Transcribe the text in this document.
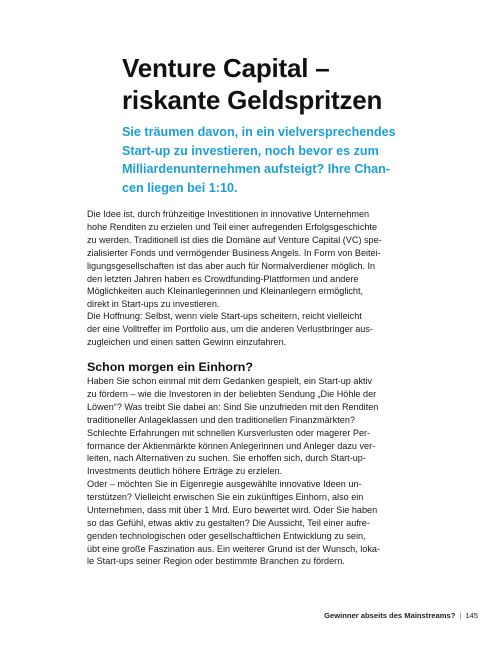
Venture Capital –
riskante Geldspritzen

Sie träumen davon, in ein vielversprechendes
Start-up zu investieren, noch bevor es zum
Milliardenunternehmen aufsteigt? Ihre Chan-
cen liegen bei 1:10.

Die Idee ist, durch frühzeitige Investitionen in innovative Unternehmen
hohe Renditen zu erzielen und Teil einer aufregenden Erfolgsgeschichte
zu werden. Traditionell ist dies die Domäne auf Venture Capital (VC) spe-
zialisierter Fonds und vermögender Business Angels. In Form von Beitei-
ligungsgesellschaften ist das aber auch für Normalverdiener möglich. In
den letzten Jahren haben es Crowdfunding-Plattformen und andere
Möglichkeiten auch Kleinanlegerinnen und Kleinanlegern ermöglicht,
direkt in Start-ups zu investieren.
Die Hoffnung: Selbst, wenn viele Start-ups scheitern, reicht vielleicht
der eine Volltreffer im Portfolio aus, um die anderen Verlustbringer aus-
zugleichen und einen satten Gewinn einzufahren.
Schon morgen ein Einhorn?
Haben Sie schon einmal mit dem Gedanken gespielt, ein Start-up aktiv
zu fördern – wie die Investoren in der beliebten Sendung „Die Höhle der
Löwen“? Was treibt Sie dabei an: Sind Sie unzufrieden mit den Renditen
traditioneller Anlageklassen und den traditionellen Finanzmärkten?
Schlechte Erfahrungen mit schnellen Kursverlusten oder magerer Per-
formance der Aktienmärkte können Anlegerinnen und Anleger dazu ver-
leiten, nach Alternativen zu suchen. Sie erhoffen sich, durch Start-up-
Investments deutlich höhere Erträge zu erzielen.
Oder – möchten Sie in Eigenregie ausgewählte innovative Ideen un-
terstützen? Vielleicht erwischen Sie ein zukünftiges Einhorn, also ein
Unternehmen, dass mit über 1 Mrd. Euro bewertet wird. Oder Sie haben
so das Gefühl, etwas aktiv zu gestalten? Die Aussicht, Teil einer aufre-
genden technologischen oder gesellschaftlichen Entwicklung zu sein,
übt eine große Faszination aus. Ein weiterer Grund ist der Wunsch, loka-
le Start-ups seiner Region oder bestimmte Branchen zu fördern.
Gewinner abseits des Mainstreams? | 145
